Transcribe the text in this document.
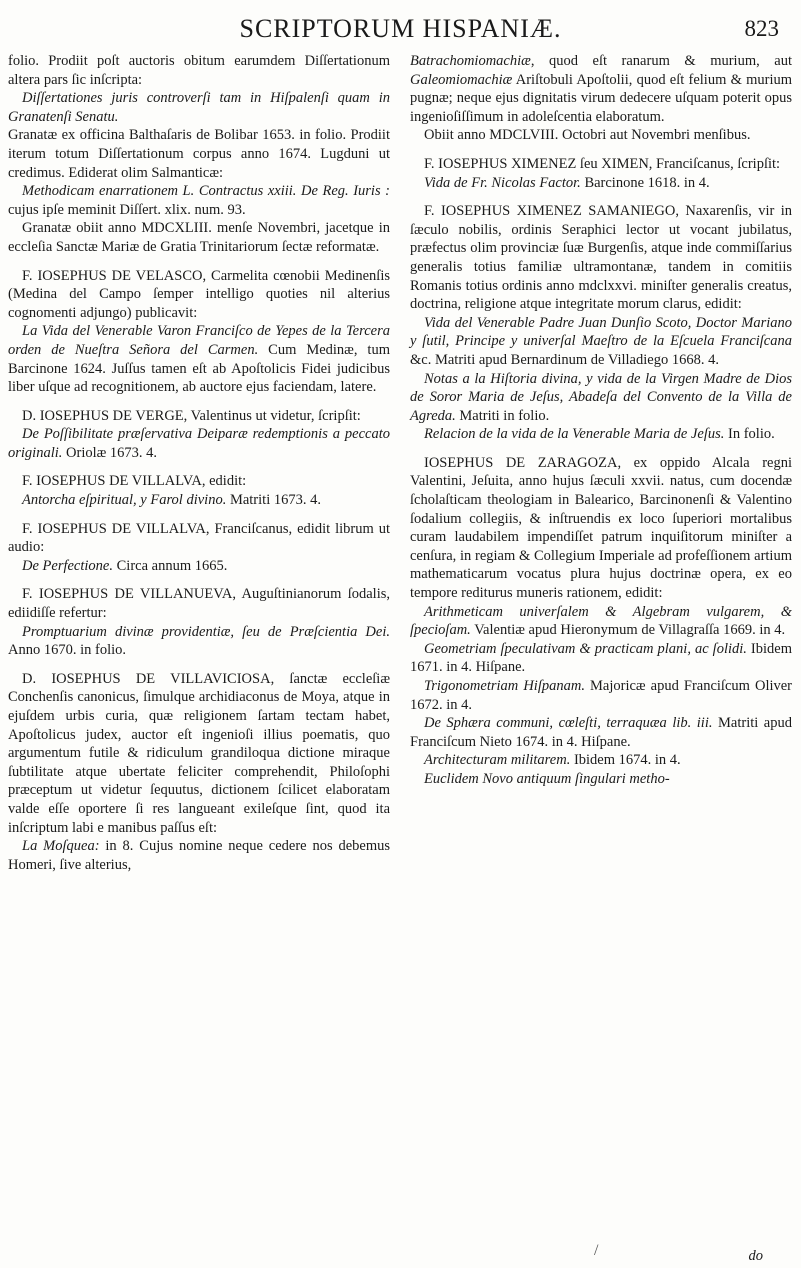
SCRIPTORUM HISPANIÆ.	823

folio. Prodiit poſt auctoris obitum earumdem Diſſertationum altera pars ſic inſcripta:
Diſſertationes juris controverſi tam in Hiſpalenſi quam in Granatenſi Senatu.
Granatæ ex officina Balthaſaris de Bolibar 1653. in folio. Prodiit iterum totum Diſſertationum corpus anno 1674. Lugduni ut credimus. Ediderat olim Salmanticæ:

Methodicam enarrationem L. Contractus xxiii. De Reg. Iuris : cujus ipſe meminit Diſſert. xlix. num. 93.

Granatæ obiit anno MDCXLIII. menſe Novembri, jacetque in eccleſia Sanctæ Mariæ de Gratia Trinitariorum ſectæ reformatæ.

F. IOSEPHUS DE VELASCO, Carmelita cœnobii Medinenſis (Medina del Campo ſemper intelligo quoties nil alterius cognomenti adjungo) publicavit:

La Vida del Venerable Varon Franciſco de Yepes de la Tercera orden de Nueſtra Señora del Carmen. Cum Medinæ, tum Barcinone 1624. Juſſus tamen eſt ab Apoſtolicis Fidei judicibus liber uſque ad recognitionem, ab auctore ejus faciendam, latere.

D. IOSEPHUS DE VERGE, Valentinus ut videtur, ſcripſit:

De Poſſibilitate præſervativa Deiparæ redemptionis a peccato originali. Oriolæ 1673. 4.

F. IOSEPHUS DE VILLALVA, edidit:

Antorcha eſpiritual, y Farol divino. Matriti 1673. 4.

F. IOSEPHUS DE VILLALVA, Franciſcanus, edidit librum ut audio:

De Perfectione. Circa annum 1665.

F. IOSEPHUS DE VILLANUEVA, Auguſtinianorum ſodalis, ediidiſſe refertur:

Promptuarium divinæ providentiæ, ſeu de Præſcientia Dei. Anno 1670. in folio.

D. IOSEPHUS DE VILLAVICIOSA, ſanctæ eccleſiæ Conchenſis canonicus, ſimulque archidiaconus de Moya, atque in ejuſdem urbis curia, quæ religionem ſartam tectam habet, Apoſtolicus judex, auctor eſt ingenioſi illius poematis, quo argumentum futile & ridiculum grandiloqua dictione miraque ſubtilitate atque ubertate feliciter comprehendit, Philoſophi præceptum ut videtur ſequutus, dictionem ſcilicet elaboratam valde eſſe oportere ſi res langueant exileſque ſint, quod ita inſcriptum labi e manibus paſſus eſt:

La Moſquea: in 8. Cujus nomine neque cedere nos debemus Homeri, ſive alterius,

Batrachomiomachiæ, quod eſt ranarum & murium, aut Galeomiomachiæ Ariſtobuli Apoſtolii, quod eſt felium & murium pugnæ; neque ejus dignitatis virum dedecere uſquam poterit opus ingenioſiſſimum in adoleſcentia elaboratum.

Obiit anno MDCLVIII. Octobri aut Novembri menſibus.

F. IOSEPHUS XIMENEZ ſeu XIMEN, Franciſcanus, ſcripſit:

Vida de Fr. Nicolas Factor. Barcinone 1618. in 4.

F. IOSEPHUS XIMENEZ SAMANIEGO, Naxarenſis, vir in ſæculo nobilis, ordinis Seraphici lector ut vocant jubilatus, præfectus olim provinciæ ſuæ Burgenſis, atque inde commiſſarius generalis totius familiæ ultramontanæ, tandem in comitiis Romanis totius ordinis anno mdclxxvi. miniſter generalis creatus, doctrina, religione atque integritate morum clarus, edidit:

Vida del Venerable Padre Juan Dunſio Scoto, Doctor Mariano y ſutil, Principe y univerſal Maeſtro de la Eſcuela Franciſcana &c. Matriti apud Bernardinum de Villadiego 1668. 4.

Notas a la Hiſtoria divina, y vida de la Virgen Madre de Dios de Soror Maria de Jeſus, Abadeſa del Convento de la Villa de Agreda. Matriti in folio.

Relacion de la vida de la Venerable Maria de Jeſus. In folio.

IOSEPHUS DE ZARAGOZA, ex oppido Alcala regni Valentini, Jeſuita, anno hujus ſæculi xxvii. natus, cum docendæ ſcholaſticam theologiam in Balearico, Barcinonenſi & Valentino ſodalium collegiis, & inſtruendis ex loco ſuperiori mortalibus curam laudabilem impendiſſet patrum inquiſitorum miniſter a cenſura, in regiam & Collegium Imperiale ad profeſſionem artium mathematicarum vocatus plura hujus doctrinæ opera, ex eo tempore rediturus muneris rationem, edidit:

Arithmeticam univerſalem & Algebram vulgarem, & ſpecioſam. Valentiæ apud Hieronymum de Villagraſſa 1669. in 4.

Geometriam ſpeculativam & practicam plani, ac ſolidi. Ibidem 1671. in 4. Hiſpane.

Trigonometriam Hiſpanam. Majoricæ apud Franciſcum Oliver 1672. in 4.

De Sphæra communi, cœleſti, terraquæa lib. iii. Matriti apud Franciſcum Nieto 1674. in 4. Hiſpane.

Architecturam militarem. Ibidem 1674. in 4.

Euclidem Novo antiquum ſingulari metho-

/	do
